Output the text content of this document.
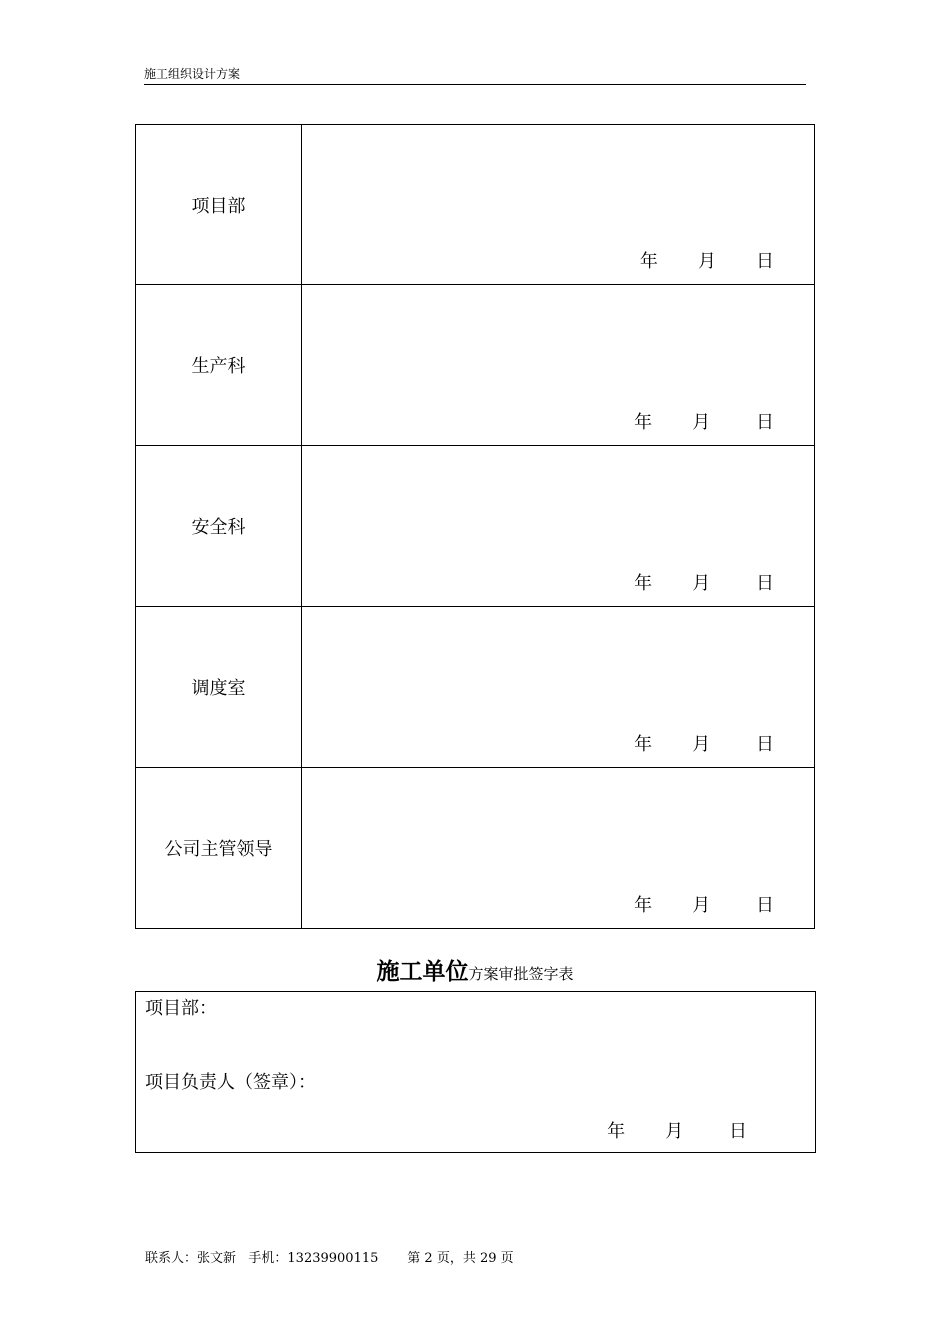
施工组织设计方案
项目部	年       月       日

生产科	年       月        日

安全科	年       月        日

调度室	年       月        日

公司主管领导	年       月        日
施工单位方案审批签字表
项目部：
项目负责人（签章）：
年       月        日
联系人：张文新   手机：13239900115       第 2 页，共 29 页
